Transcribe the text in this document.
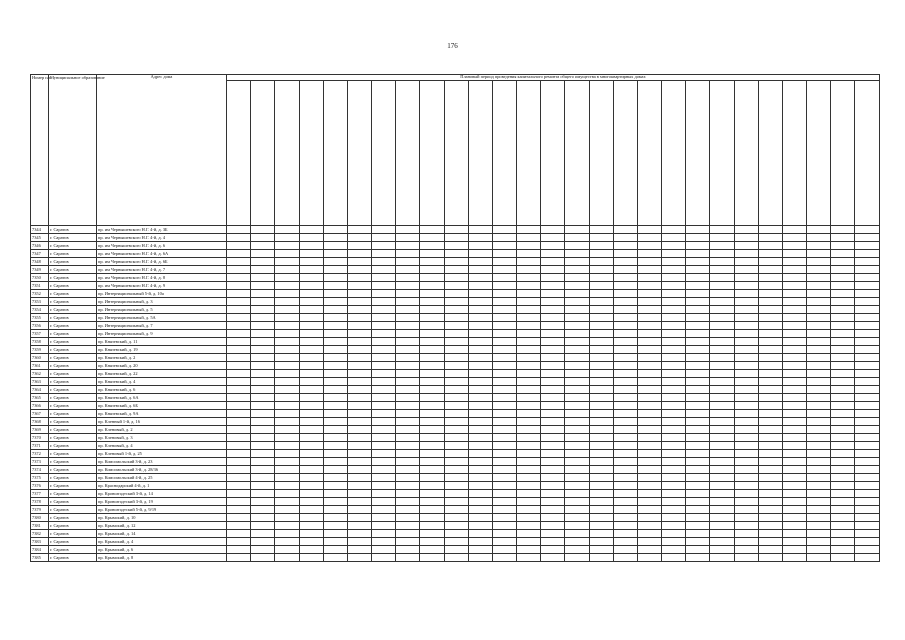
176
Номер п/п	Муниципальное образование	Адрес дома	Плановый период проведения капитального ремонта общего имущества в многоквартирных домах																										

7344	г. Саратов	пр. им Чернышевского Н.Г. 4-й, д. 3Б																											
7345	г. Саратов	пр. им Чернышевского Н.Г. 4-й, д. 4																											
7346	г. Саратов	пр. им Чернышевского Н.Г. 4-й, д. 6																											
7347	г. Саратов	пр. им Чернышевского Н.Г. 4-й, д. 6А																											
7348	г. Саратов	пр. им Чернышевского Н.Г. 4-й, д. 6Б																											
7349	г. Саратов	пр. им Чернышевского Н.Г. 4-й, д. 7																											
7350	г. Саратов	пр. им Чернышевского Н.Г. 4-й, д. 8																											
7351	г. Саратов	пр. им Чернышевского Н.Г. 4-й, д. 9																											
7352	г. Саратов	пр. Интернациональный 5-й, д. 10а																											
7353	г. Саратов	пр. Интернациональный, д. 3																											
7354	г. Саратов	пр. Интернациональный, д. 5																											
7355	г. Саратов	пр. Интернациональный, д. 5А																											
7356	г. Саратов	пр. Интернациональный, д. 7																											
7357	г. Саратов	пр. Интернациональный, д. 9																											
7358	г. Саратов	пр. Князевский, д. 11																											
7359	г. Саратов	пр. Князевский, д. 19																											
7360	г. Саратов	пр. Князевский, д. 2																											
7361	г. Саратов	пр. Князевский, д. 20																											
7362	г. Саратов	пр. Князевский, д. 22																											
7363	г. Саратов	пр. Князевский, д. 4																											
7364	г. Саратов	пр. Князевский, д. 6																											
7365	г. Саратов	пр. Князевский, д. 6А																											
7366	г. Саратов	пр. Князевский, д. 6Б																											
7367	г. Саратов	пр. Князевский, д. 9А																											
7368	г. Саратов	пр. Кленный 1-й, д. 16																											
7369	г. Саратов	пр. Кленовый, д. 2																											
7370	г. Саратов	пр. Кленовый, д. 3																											
7371	г. Саратов	пр. Кленовый, д. 4																											
7372	г. Саратов	пр. Кленовый 1-й, д. 25																											
7373	г. Саратов	пр. Комсомольский 3-й, д. 23																											
7374	г. Саратов	пр. Комсомольский 3-й, д. 28/36																											
7375	г. Саратов	пр. Комсомольский 4-й, д. 25																											
7376	г. Саратов	пр. Краснодарский 4-й, д. 1																											
7377	г. Саратов	пр. Кронштадтский 3-й, д. 14																											
7378	г. Саратов	пр. Кронштадтский 3-й, д. 19																											
7379	г. Саратов	пр. Кронштадтский 5-й, д. 9/19																											
7380	г. Саратов	пр. Крымский, д. 10																											
7381	г. Саратов	пр. Крымский, д. 12																											
7382	г. Саратов	пр. Крымский, д. 14																											
7383	г. Саратов	пр. Крымский, д. 4																											
7384	г. Саратов	пр. Крымский, д. 6																											
7385	г. Саратов	пр. Крымский, д. 8																											
